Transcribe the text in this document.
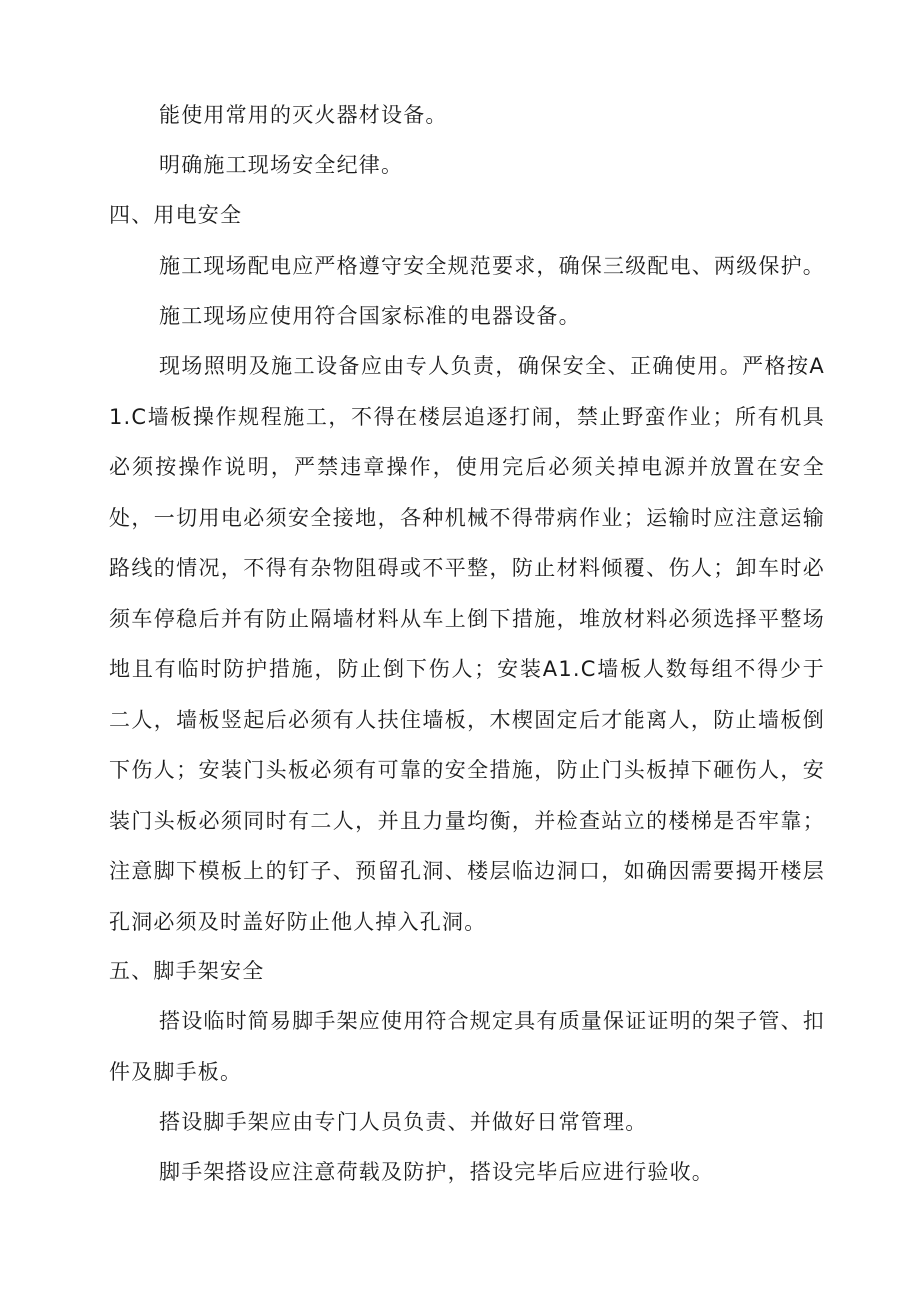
能使用常用的灭火器材设备。

明确施工现场安全纪律。

四、用电安全

施工现场配电应严格遵守安全规范要求，确保三级配电、两级保护。

施工现场应使用符合国家标准的电器设备。

现场照明及施工设备应由专人负责，确保安全、正确使用。严格按A1.C墙板操作规程施工，不得在楼层追逐打闹，禁止野蛮作业；所有机具必须按操作说明，严禁违章操作，使用完后必须关掉电源并放置在安全处，一切用电必须安全接地，各种机械不得带病作业；运输时应注意运输路线的情况，不得有杂物阻碍或不平整，防止材料倾覆、伤人；卸车时必须车停稳后并有防止隔墙材料从车上倒下措施，堆放材料必须选择平整场地且有临时防护措施，防止倒下伤人；安装A1.C墙板人数每组不得少于二人，墙板竖起后必须有人扶住墙板，木楔固定后才能离人，防止墙板倒下伤人；安装门头板必须有可靠的安全措施，防止门头板掉下砸伤人，安装门头板必须同时有二人，并且力量均衡，并检查站立的楼梯是否牢靠；注意脚下模板上的钉子、预留孔洞、楼层临边洞口，如确因需要揭开楼层孔洞必须及时盖好防止他人掉入孔洞。

五、脚手架安全

搭设临时简易脚手架应使用符合规定具有质量保证证明的架子管、扣件及脚手板。

搭设脚手架应由专门人员负责、并做好日常管理。

脚手架搭设应注意荷载及防护，搭设完毕后应进行验收。
